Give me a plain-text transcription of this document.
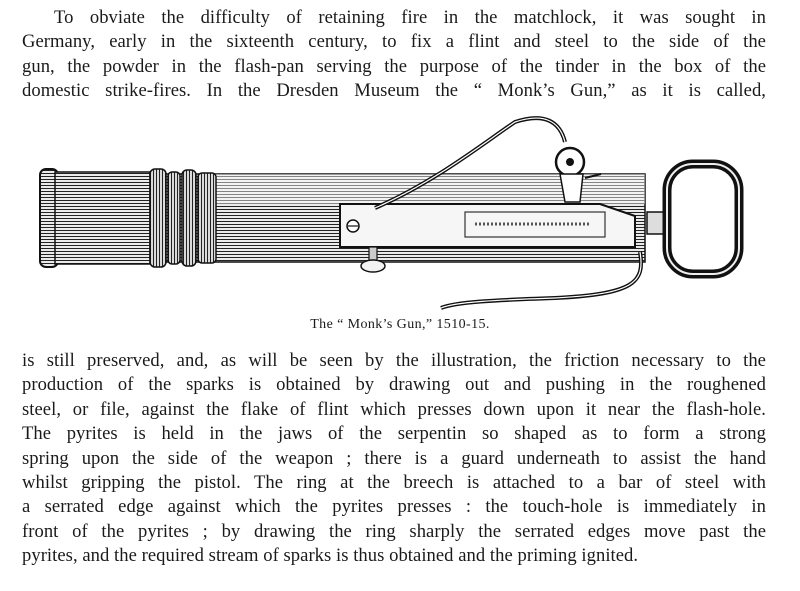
To obviate the difficulty of retaining fire in the matchlock, it was sought in
Germany, early in the sixteenth century, to fix a flint and steel to the side of the
gun, the powder in the flash-pan serving the purpose of the tinder in the box of the
domestic strike-fires. In the Dresden Museum the “ Monk’s Gun,” as it is called,
The “ Monk’s Gun,” 1510-15.
is still preserved, and, as will be seen by the illustration, the friction necessary to the
production of the sparks is obtained by drawing out and pushing in the roughened
steel, or file, against the flake of flint which presses down upon it near the flash-hole.
The pyrites is held in the jaws of the serpentin so shaped as to form a strong
spring upon the side of the weapon ; there is a guard underneath to assist the hand
whilst gripping the pistol. The ring at the breech is attached to a bar of steel with
a serrated edge against which the pyrites presses : the touch-hole is immediately in
front of the pyrites ; by drawing the ring sharply the serrated edges move past the
pyrites, and the required stream of sparks is thus obtained and the priming ignited.
